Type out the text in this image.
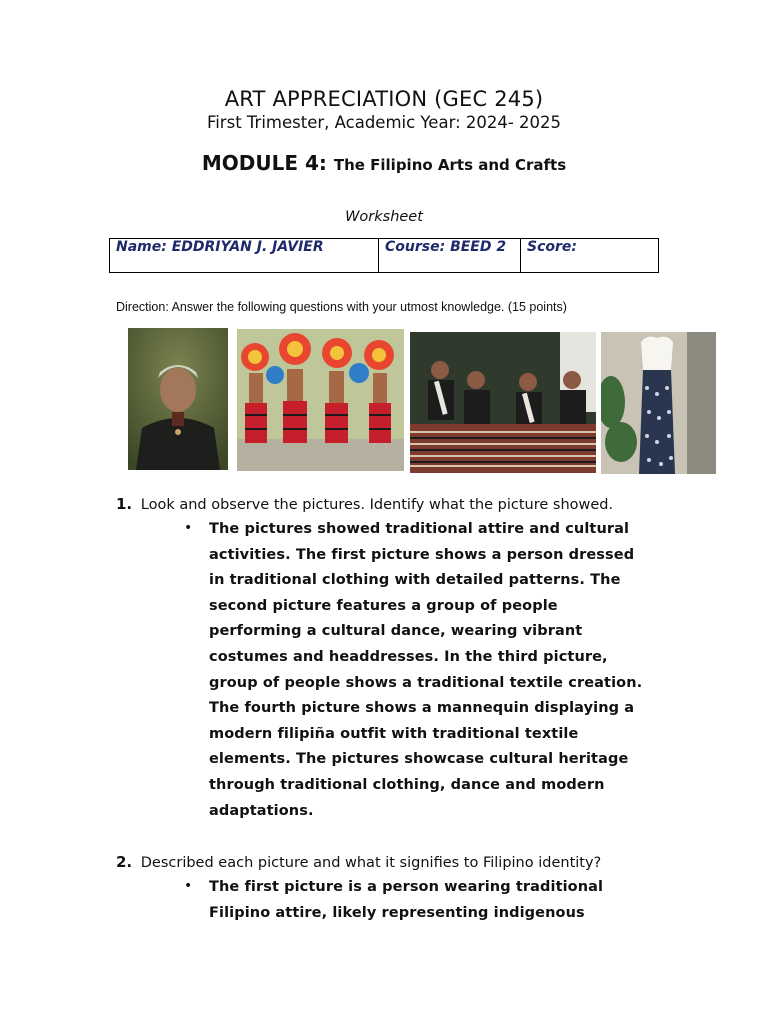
ART APPRECIATION (GEC 245)
First Trimester, Academic Year: 2024- 2025
MODULE 4: The Filipino Arts and Crafts
Worksheet
Name: EDDRIYAN J. JAVIER	Course: BEED 2	Score:
Direction: Answer the following questions with your utmost knowledge. (15 points)
1. Look and observe the pictures. Identify what the picture showed.
• The pictures showed traditional attire and cultural activities. The first picture shows a person dressed in traditional clothing with detailed patterns. The second picture features a group of people performing a cultural dance, wearing vibrant costumes and headdresses. In the third picture, group of people shows a traditional textile creation. The fourth picture shows a mannequin displaying a modern filipiña outfit with traditional textile elements. The pictures showcase cultural heritage through traditional clothing, dance and modern adaptations.
2. Described each picture and what it signifies to Filipino identity?
• The first picture is a person wearing traditional Filipino attire, likely representing indigenous
